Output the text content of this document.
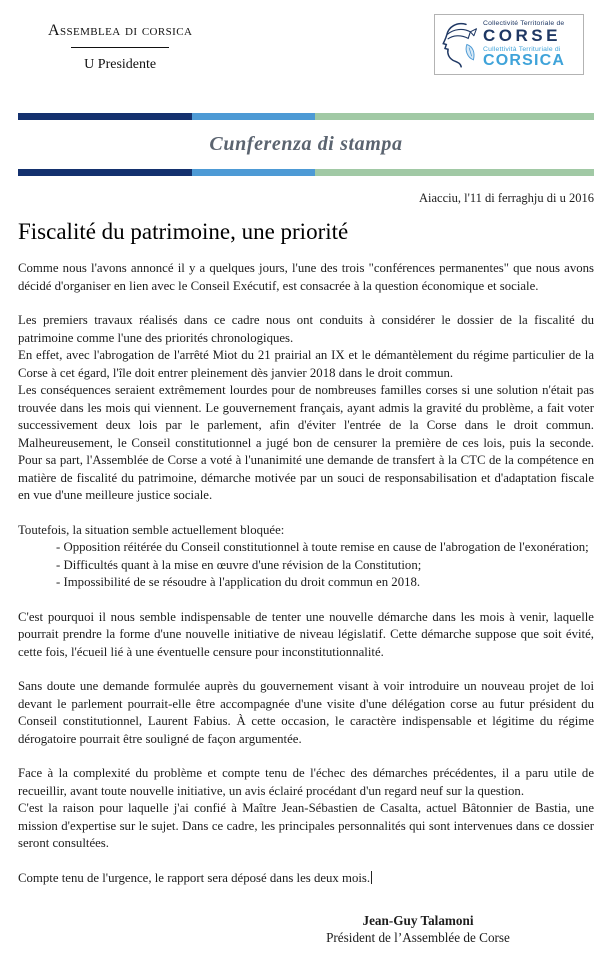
Assemblea di corsica
U Presidente
Collectivité Territoriale de
CORSE
Cullettività Territuriale di
CORSICA
Cunferenza di stampa
Aiacciu, l'11 di ferraghju di u 2016
Fiscalité du patrimoine, une priorité

Comme nous l'avons annoncé il y a quelques jours, l'une des trois "conférences permanentes" que nous avons décidé d'organiser en lien avec le Conseil Exécutif, est consacrée à la question économique et sociale.

Les premiers travaux réalisés dans ce cadre nous ont conduits à considérer le dossier de la fiscalité du patrimoine comme l'une des priorités chronologiques.

En effet, avec l'abrogation de l'arrêté Miot du 21 prairial an IX et le démantèlement du régime particulier de la Corse à cet égard, l'île doit entrer pleinement dès janvier 2018 dans le droit commun.

Les conséquences seraient extrêmement lourdes pour de nombreuses familles corses si une solution n'était pas trouvée dans les mois qui viennent. Le gouvernement français, ayant admis la gravité du problème, a fait voter successivement deux lois par le parlement, afin d'éviter l'entrée de la Corse dans le droit commun. Malheureusement, le Conseil constitutionnel a jugé bon de censurer la première de ces lois, puis la seconde. Pour sa part, l'Assemblée de Corse a voté à l'unanimité une demande de transfert à la CTC de la compétence en matière de fiscalité du patrimoine, démarche motivée par un souci de responsabilisation et d'adaptation fiscale en vue d'une meilleure justice sociale.

Toutefois, la situation semble actuellement bloquée:

- Opposition réitérée du Conseil constitutionnel à toute remise en cause de l'abrogation de l'exonération;
- Difficultés quant à la mise en œuvre d'une révision de la Constitution;
- Impossibilité de se résoudre à l'application du droit commun en 2018.

C'est pourquoi il nous semble indispensable de tenter une nouvelle démarche dans les mois à venir, laquelle pourrait prendre la forme d'une nouvelle initiative de niveau législatif. Cette démarche suppose que soit évité, cette fois, l'écueil lié à une éventuelle censure pour inconstitutionnalité.

Sans doute une demande formulée auprès du gouvernement visant à voir introduire un nouveau projet de loi devant le parlement pourrait-elle être accompagnée d'une visite d'une délégation corse au futur président du Conseil constitutionnel, Laurent Fabius. À cette occasion, le caractère indispensable et légitime du régime dérogatoire pourrait être souligné de façon argumentée.

Face à la complexité du problème et compte tenu de l'échec des démarches précédentes, il a paru utile de recueillir, avant toute nouvelle initiative, un avis éclairé procédant d'un regard neuf sur la question.

C'est la raison pour laquelle j'ai confié à Maître Jean-Sébastien de Casalta, actuel Bâtonnier de Bastia, une mission d'expertise sur le sujet. Dans ce cadre, les principales personnalités qui sont intervenues dans ce dossier seront consultées.

Compte tenu de l'urgence, le rapport sera déposé dans les deux mois.

Jean-Guy Talamoni
Président de l’Assemblée de Corse
